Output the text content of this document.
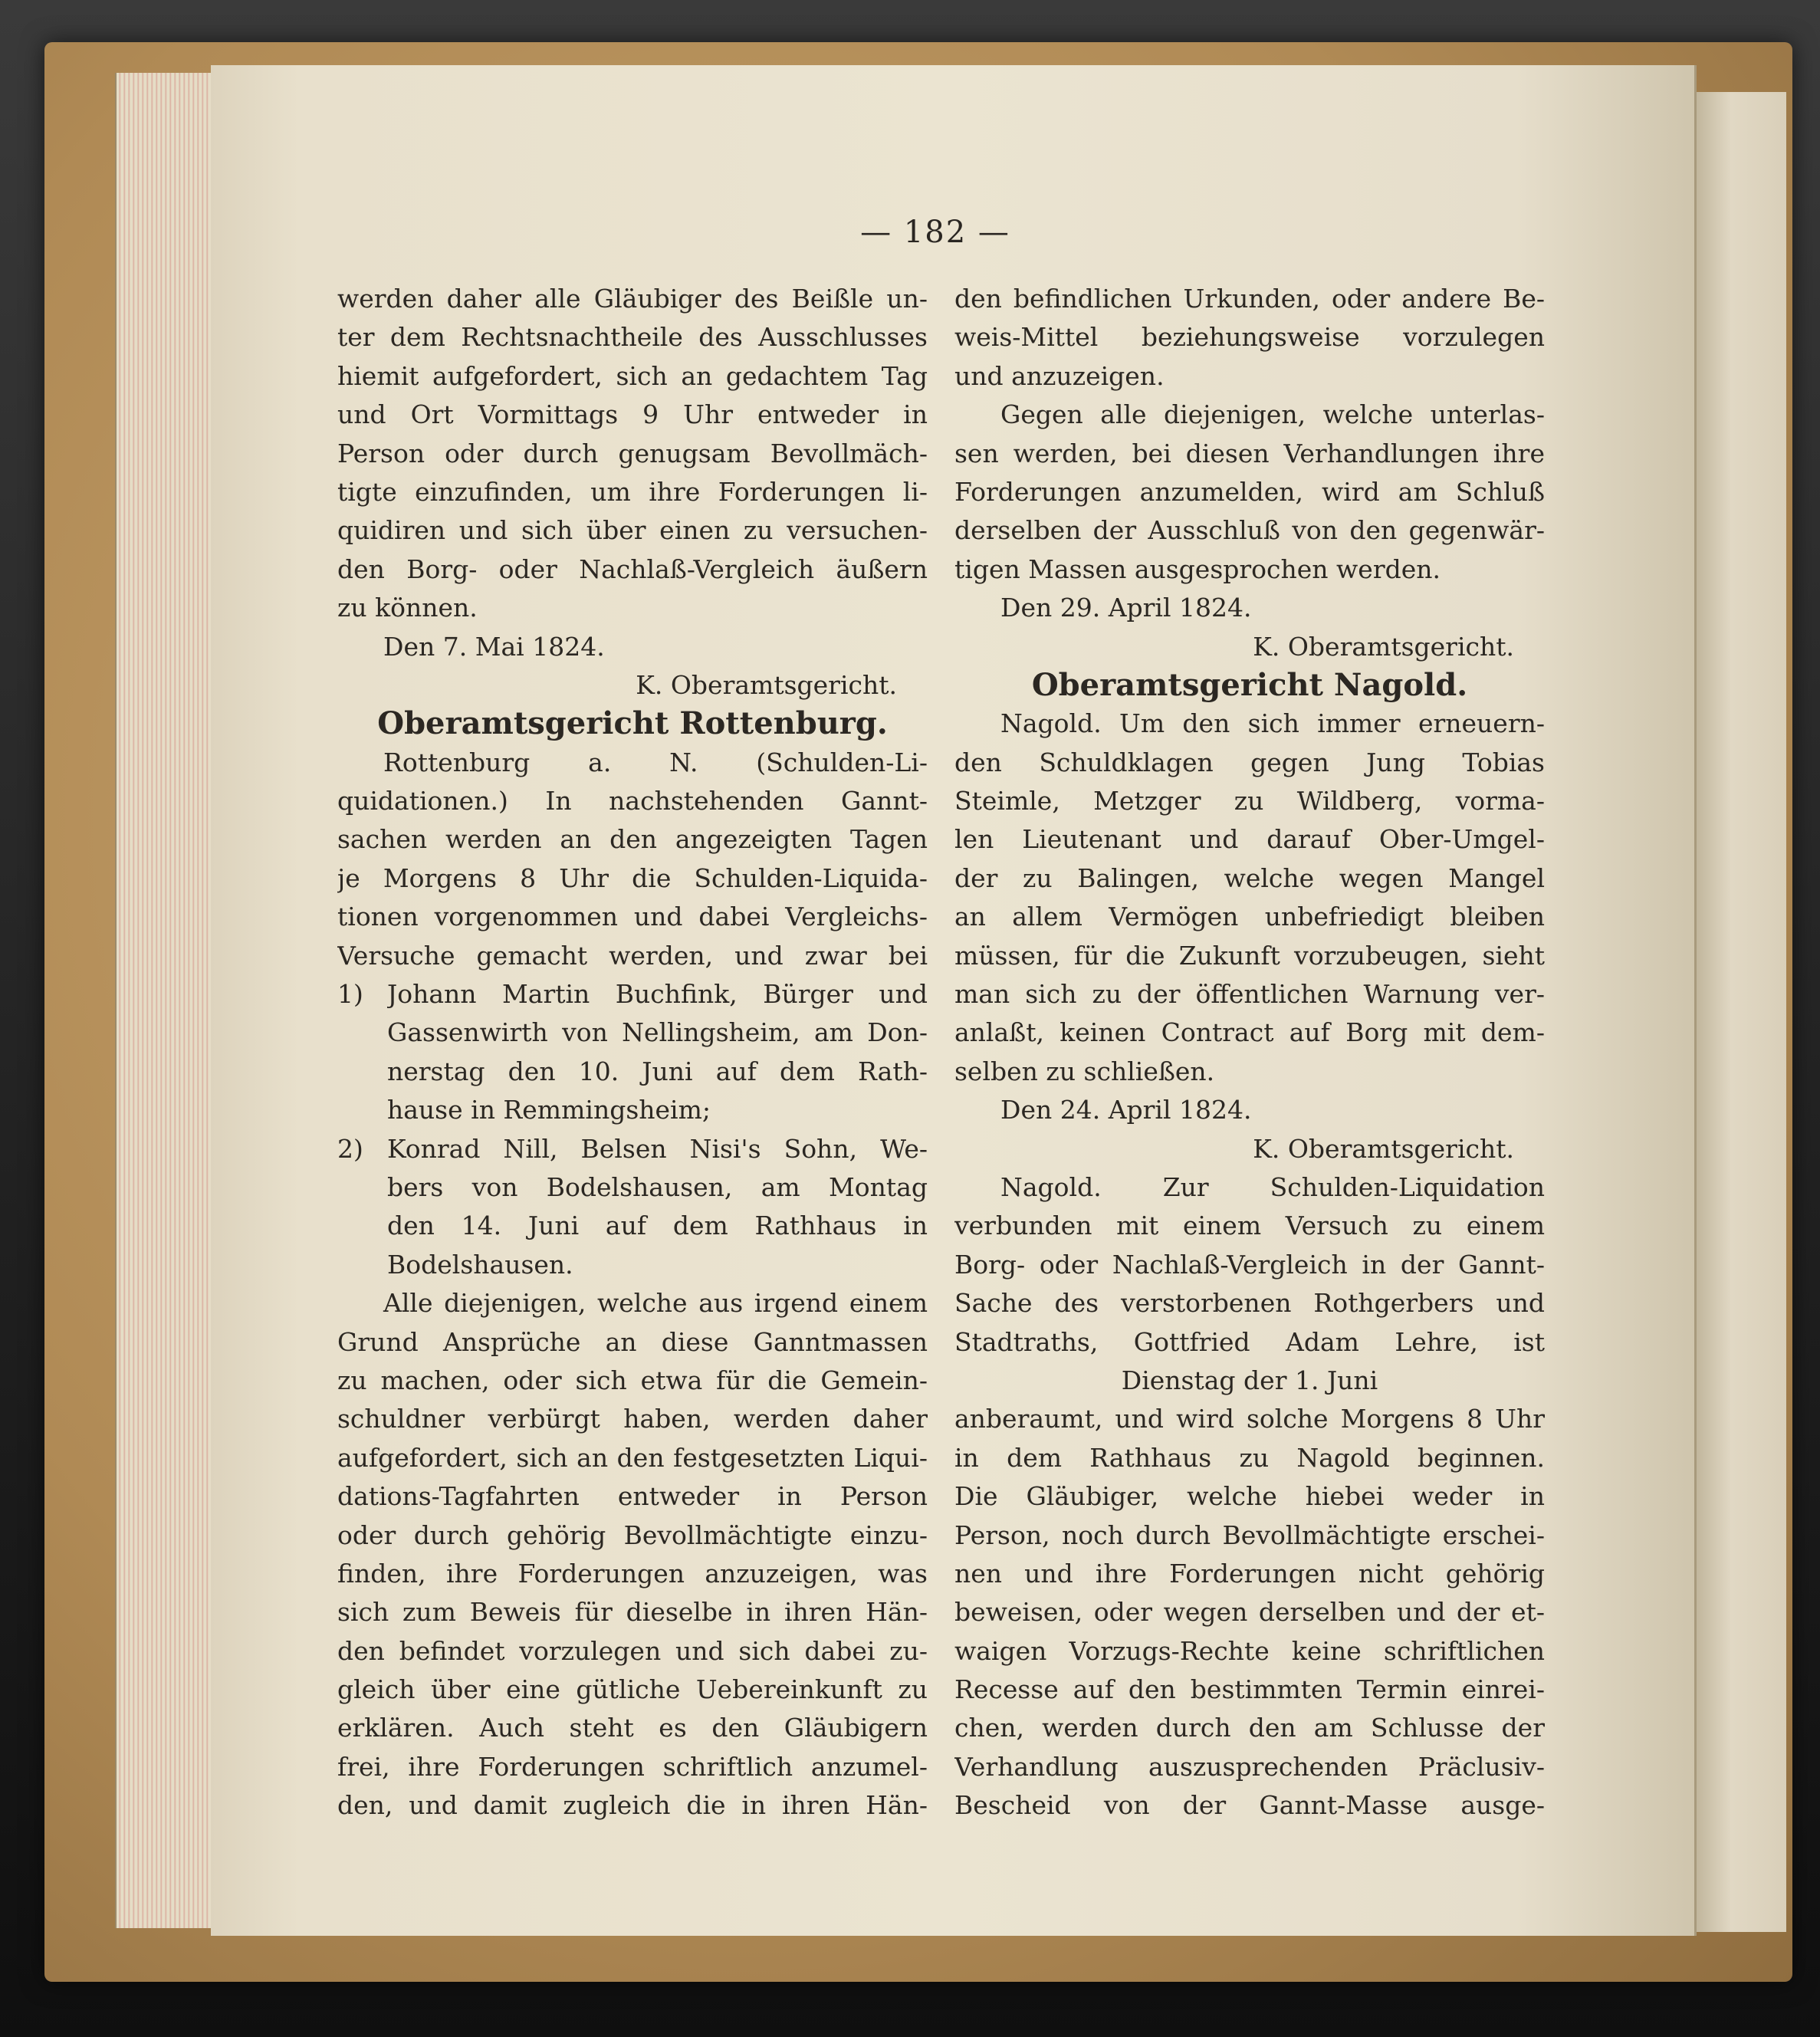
— 182 —
werden daher alle Gläubiger des Beißle un-
ter dem Rechtsnachtheile des Ausschlusses
hiemit aufgefordert, sich an gedachtem Tag
und Ort Vormittags 9 Uhr entweder in
Person oder durch genugsam Bevollmäch-
tigte einzufinden, um ihre Forderungen li-
quidiren und sich über einen zu versuchen-
den Borg- oder Nachlaß-Vergleich äußern
zu können.
Den 7. Mai 1824.
K. Oberamtsgericht.
Oberamtsgericht Rottenburg.
Rottenburg a. N. (Schulden-Li-
quidationen.) In nachstehenden Gannt-
sachen werden an den angezeigten Tagen
je Morgens 8 Uhr die Schulden-Liquida-
tionen vorgenommen und dabei Vergleichs-
Versuche gemacht werden, und zwar bei
1) Johann Martin Buchfink, Bürger und
Gassenwirth von Nellingsheim, am Don-
nerstag den 10. Juni auf dem Rath-
hause in Remmingsheim;
2) Konrad Nill, Belsen Nisi's Sohn, We-
bers von Bodelshausen, am Montag
den 14. Juni auf dem Rathhaus in
Bodelshausen.
Alle diejenigen, welche aus irgend einem
Grund Ansprüche an diese Ganntmassen
zu machen, oder sich etwa für die Gemein-
schuldner verbürgt haben, werden daher
aufgefordert, sich an den festgesetzten Liqui-
dations-Tagfahrten entweder in Person
oder durch gehörig Bevollmächtigte einzu-
finden, ihre Forderungen anzuzeigen, was
sich zum Beweis für dieselbe in ihren Hän-
den befindet vorzulegen und sich dabei zu-
gleich über eine gütliche Uebereinkunft zu
erklären. Auch steht es den Gläubigern
frei, ihre Forderungen schriftlich anzumel-
den, und damit zugleich die in ihren Hän-
den befindlichen Urkunden, oder andere Be-
weis-Mittel beziehungsweise vorzulegen
und anzuzeigen.
Gegen alle diejenigen, welche unterlas-
sen werden, bei diesen Verhandlungen ihre
Forderungen anzumelden, wird am Schluß
derselben der Ausschluß von den gegenwär-
tigen Massen ausgesprochen werden.
Den 29. April 1824.
K. Oberamtsgericht.
Oberamtsgericht Nagold.
Nagold. Um den sich immer erneuern-
den Schuldklagen gegen Jung Tobias
Steimle, Metzger zu Wildberg, vorma-
len Lieutenant und darauf Ober-Umgel-
der zu Balingen, welche wegen Mangel
an allem Vermögen unbefriedigt bleiben
müssen, für die Zukunft vorzubeugen, sieht
man sich zu der öffentlichen Warnung ver-
anlaßt, keinen Contract auf Borg mit dem-
selben zu schließen.
Den 24. April 1824.
K. Oberamtsgericht.
Nagold. Zur Schulden-Liquidation
verbunden mit einem Versuch zu einem
Borg- oder Nachlaß-Vergleich in der Gannt-
Sache des verstorbenen Rothgerbers und
Stadtraths, Gottfried Adam Lehre, ist
Dienstag der 1. Juni
anberaumt, und wird solche Morgens 8 Uhr
in dem Rathhaus zu Nagold beginnen.
Die Gläubiger, welche hiebei weder in
Person, noch durch Bevollmächtigte erschei-
nen und ihre Forderungen nicht gehörig
beweisen, oder wegen derselben und der et-
waigen Vorzugs-Rechte keine schriftlichen
Recesse auf den bestimmten Termin einrei-
chen, werden durch den am Schlusse der
Verhandlung auszusprechenden Präclusiv-
Bescheid von der Gannt-Masse ausge-
